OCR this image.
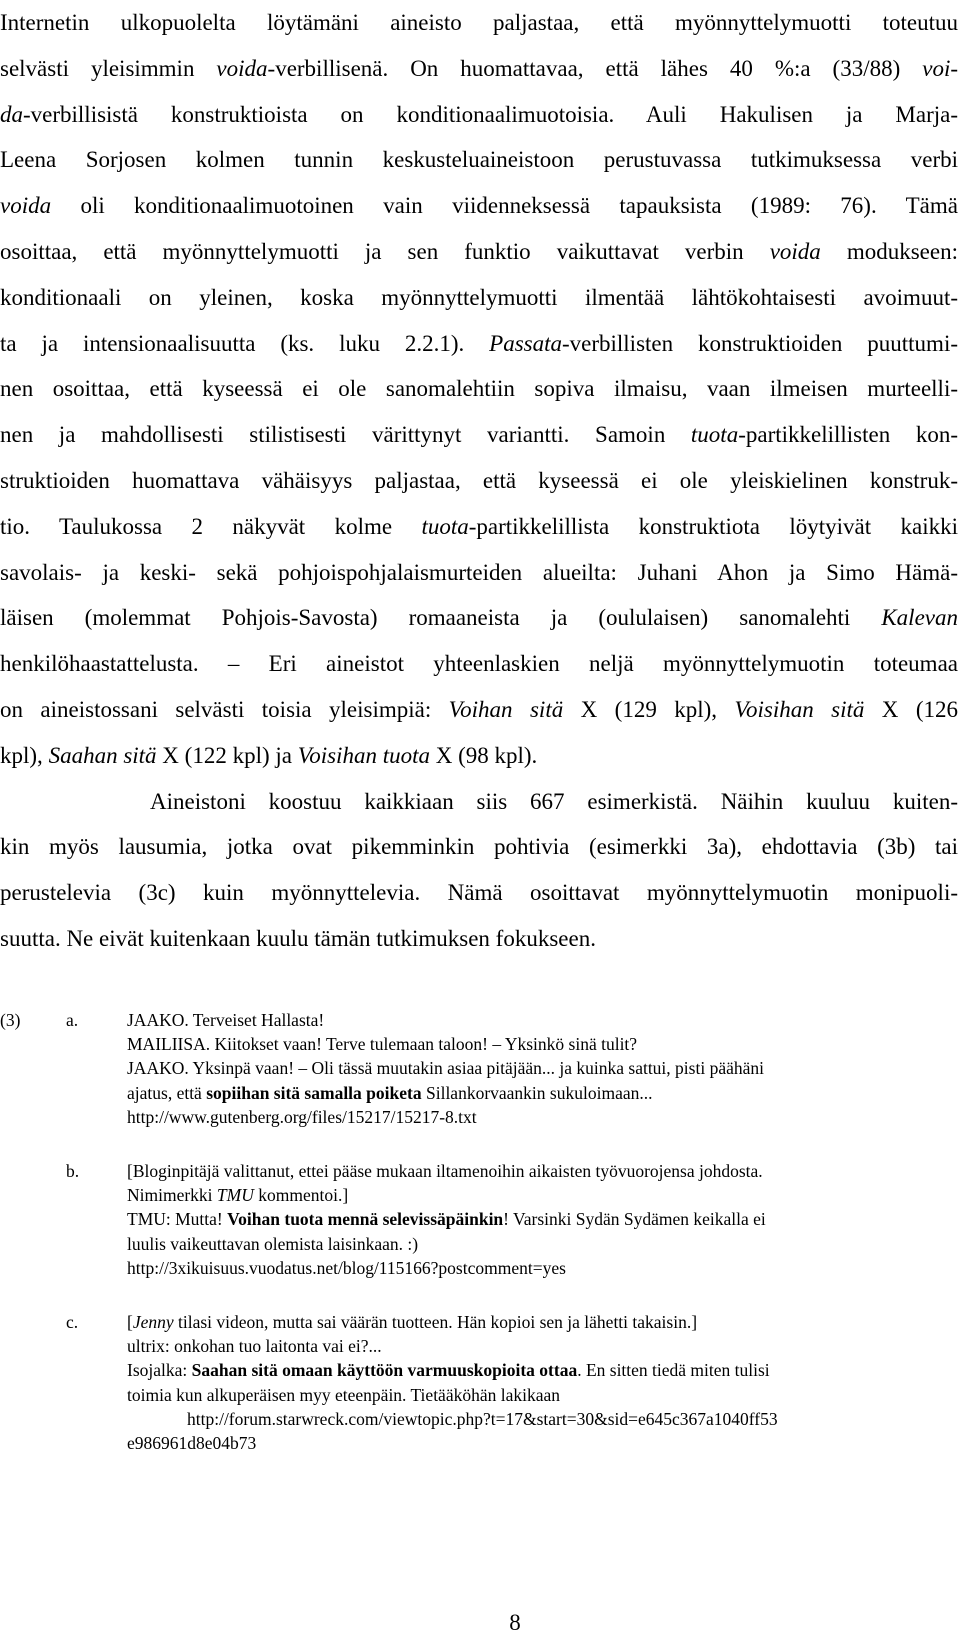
Internetin ulkopuolelta löytämäni aineisto paljastaa, että myönnyttelymuotti toteutuu
selvästi yleisimmin voida-verbillisenä. On huomattavaa, että lähes 40 %:a (33/88) voi-
da-verbillisistä konstruktioista on konditionaalimuotoisia. Auli Hakulisen ja Marja-
Leena Sorjosen kolmen tunnin keskusteluaineistoon perustuvassa tutkimuksessa verbi
voida oli konditionaalimuotoinen vain viidenneksessä tapauksista (1989: 76). Tämä
osoittaa, että myönnyttelymuotti ja sen funktio vaikuttavat verbin voida modukseen:
konditionaali on yleinen, koska myönnyttelymuotti ilmentää lähtökohtaisesti avoimuut-
ta ja intensionaalisuutta (ks. luku 2.2.1). Passata-verbillisten konstruktioiden puuttumi-
nen osoittaa, että kyseessä ei ole sanomalehtiin sopiva ilmaisu, vaan ilmeisen murteelli-
nen ja mahdollisesti stilistisesti värittynyt variantti. Samoin tuota-partikkelillisten kon-
struktioiden huomattava vähäisyys paljastaa, että kyseessä ei ole yleiskielinen konstruk-
tio. Taulukossa 2 näkyvät kolme tuota-partikkelillista konstruktiota löytyivät kaikki
savolais- ja keski- sekä pohjoispohjalaismurteiden alueilta: Juhani Ahon ja Simo Hämä-
läisen (molemmat Pohjois-Savosta) romaaneista ja (oululaisen) sanomalehti Kalevan
henkilöhaastattelusta. – Eri aineistot yhteenlaskien neljä myönnyttelymuotin toteumaa
on aineistossani selvästi toisia yleisimpiä: Voihan sitä X (129 kpl), Voisihan sitä X (126
kpl), Saahan sitä X (122 kpl) ja Voisihan tuota X (98 kpl).
Aineistoni koostuu kaikkiaan siis 667 esimerkistä. Näihin kuuluu kuiten-
kin myös lausumia, jotka ovat pikemminkin pohtivia (esimerkki 3a), ehdottavia (3b) tai
perustelevia (3c) kuin myönnyttelevia. Nämä osoittavat myönnyttelymuotin monipuoli-
suutta. Ne eivät kuitenkaan kuulu tämän tutkimuksen fokukseen.
(3)	a.	JAAKO. Terveiset Hallasta!
MAILIISA. Kiitokset vaan! Terve tulemaan taloon! – Yksinkö sinä tulit?
JAAKO. Yksinpä vaan! – Oli tässä muutakin asiaa pitäjään... ja kuinka sattui, pisti päähäni
ajatus, että sopiihan sitä samalla poiketa Sillankorvaankin sukuloimaan...
http://www.gutenberg.org/files/15217/15217-8.txt
b.	[Bloginpitäjä valittanut, ettei pääse mukaan iltamenoihin aikaisten työvuorojensa johdosta.
Nimimerkki TMU kommentoi.]
TMU: Mutta! Voihan tuota mennä selevissäpäinkin! Varsinki Sydän Sydämen keikalla ei
luulis vaikeuttavan olemista laisinkaan. :)
http://3xikuisuus.vuodatus.net/blog/115166?postcomment=yes
c.	[Jenny tilasi videon, mutta sai väärän tuotteen. Hän kopioi sen ja lähetti takaisin.]
ultrix: onkohan tuo laitonta vai ei?...
Isojalka: Saahan sitä omaan käyttöön varmuuskopioita ottaa. En sitten tiedä miten tulisi
toimia kun alkuperäisen myy eteenpäin. Tietääköhän lakikaan
http://forum.starwreck.com/viewtopic.php?t=17&start=30&sid=e645c367a1040ff53
e986961d8e04b73
8
